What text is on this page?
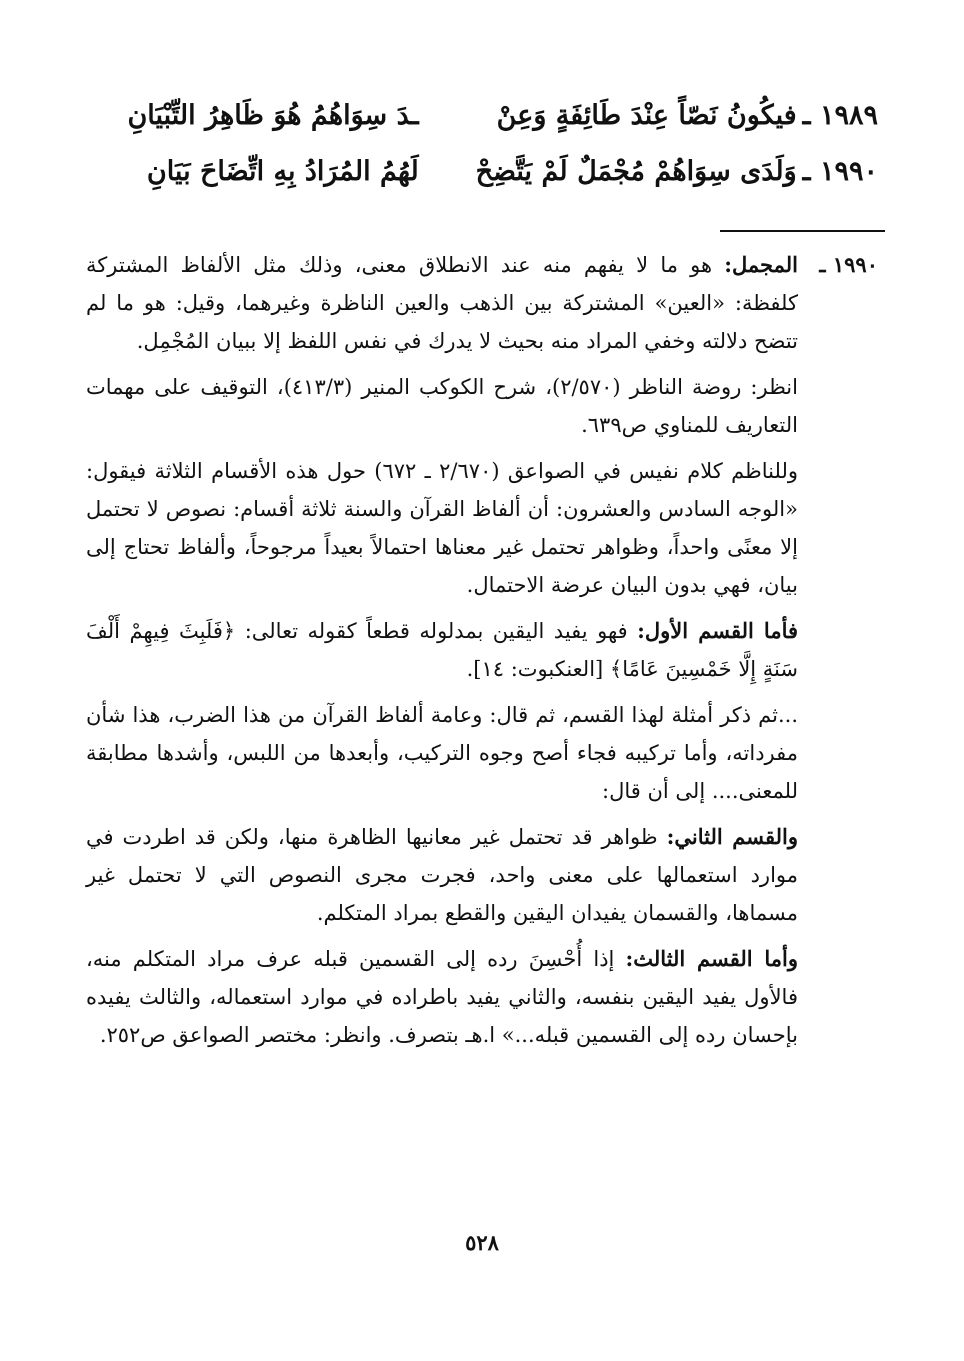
١٩٨٩ ـ
فيكُونُ نَصّاً عِنْدَ طَائِفَةٍ وَعِنْ
ـدَ سِوَاهُمُ هُوَ ظَاهِرُ التِّبْيَانِ
١٩٩٠ ـ
وَلَدَى سِوَاهُمْ مُجْمَلٌ لَمْ يَتَّضِحْ
لَهُمُ المُرَادُ بِهِ اتِّضَاحَ بَيَانِ
١٩٩٠ ـ

المجمل: هو ما لا يفهم منه عند الانطلاق معنى، وذلك مثل الألفاظ المشتركة كلفظة: «العين» المشتركة بين الذهب والعين الناظرة وغيرهما، وقيل: هو ما لم تتضح دلالته وخفي المراد منه بحيث لا يدرك في نفس اللفظ إلا ببيان المُجْمِل.

انظر: روضة الناظر (٢/٥٧٠)، شرح الكوكب المنير (٤١٣/٣)، التوقيف على مهمات التعاريف للمناوي ص٦٣٩.

وللناظم كلام نفيس في الصواعق (٢/٦٧٠ ـ ٦٧٢) حول هذه الأقسام الثلاثة فيقول: «الوجه السادس والعشرون: أن ألفاظ القرآن والسنة ثلاثة أقسام: نصوص لا تحتمل إلا معنًى واحداً، وظواهر تحتمل غير معناها احتمالاً بعيداً مرجوحاً، وألفاظ تحتاج إلى بيان، فهي بدون البيان عرضة الاحتمال.

فأما القسم الأول: فهو يفيد اليقين بمدلوله قطعاً كقوله تعالى: ﴿فَلَبِثَ فِيهِمْ أَلْفَ سَنَةٍ إِلَّا خَمْسِينَ عَامًا﴾ [العنكبوت: ١٤].

...ثم ذكر أمثلة لهذا القسم، ثم قال: وعامة ألفاظ القرآن من هذا الضرب، هذا شأن مفرداته، وأما تركيبه فجاء أصح وجوه التركيب، وأبعدها من اللبس، وأشدها مطابقة للمعنى.... إلى أن قال:

والقسم الثاني: ظواهر قد تحتمل غير معانيها الظاهرة منها، ولكن قد اطردت في موارد استعمالها على معنى واحد، فجرت مجرى النصوص التي لا تحتمل غير مسماها، والقسمان يفيدان اليقين والقطع بمراد المتكلم.

وأما القسم الثالث: إذا أُحْسِنَ رده إلى القسمين قبله عرف مراد المتكلم منه، فالأول يفيد اليقين بنفسه، والثاني يفيد باطراده في موارد استعماله، والثالث يفيده بإحسان رده إلى القسمين قبله...» ا.هـ بتصرف. وانظر: مختصر الصواعق ص٢٥٢.

٥٢٨
